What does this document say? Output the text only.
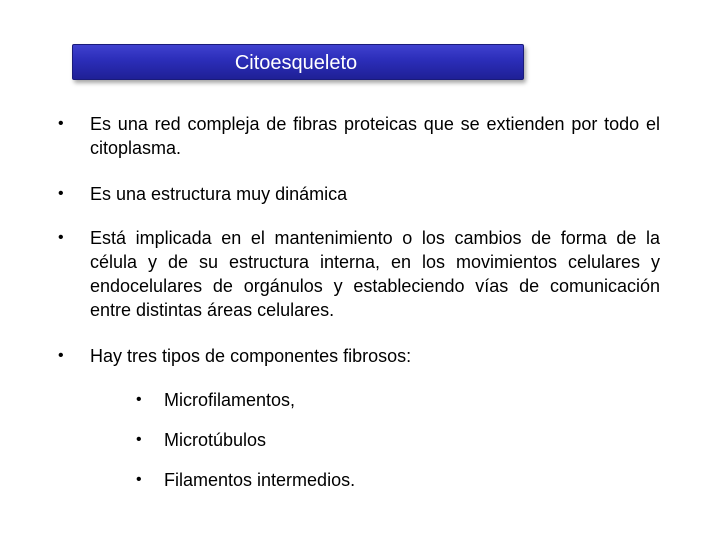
Citoesqueleto
•	Es una red compleja de fibras proteicas que se extienden por todo el citoplasma.
•	Es una estructura muy dinámica
•	Está implicada en el mantenimiento o los cambios de forma de la célula y de su estructura interna, en los movimientos celulares y endocelulares de orgánulos y estableciendo vías de comunicación entre distintas áreas celulares.
•	Hay tres tipos de componentes fibrosos:
•	Microfilamentos,
•	Microtúbulos
•	Filamentos intermedios.
